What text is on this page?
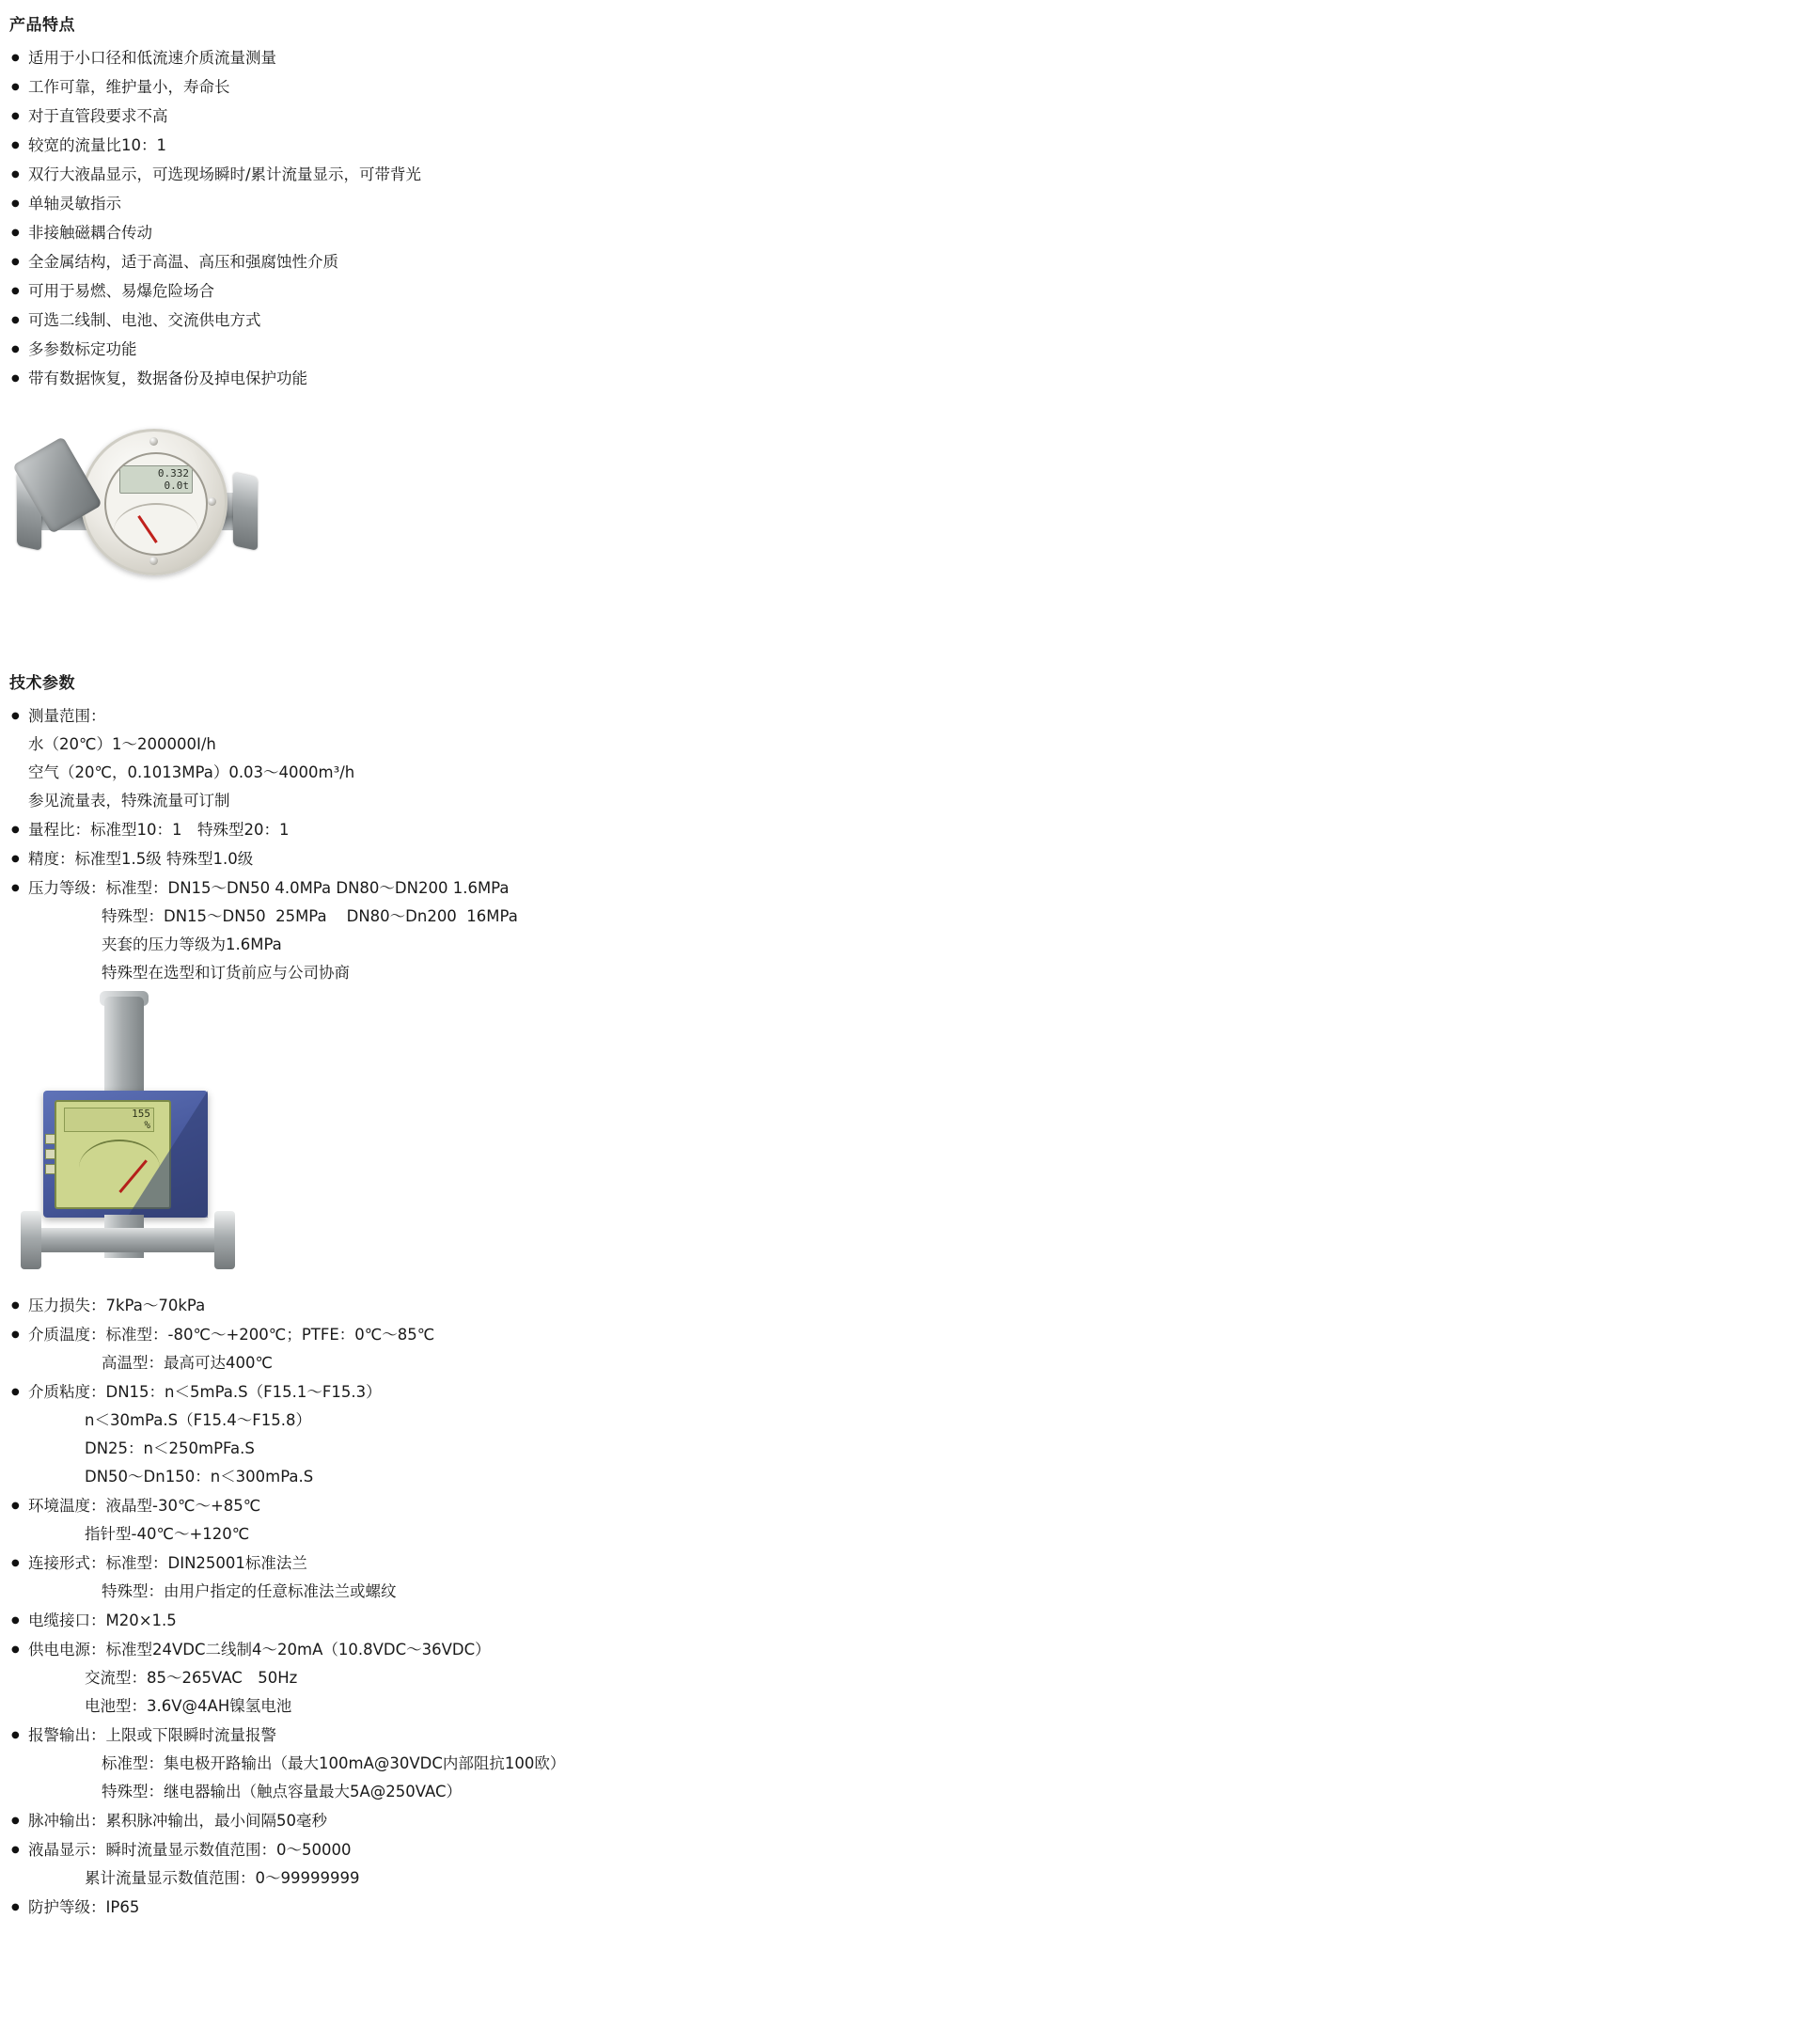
产品特点
● 适用于小口径和低流速介质流量测量
● 工作可靠，维护量小，寿命长
● 对于直管段要求不高
● 较宽的流量比10：1
● 双行大液晶显示，可选现场瞬时/累计流量显示，可带背光
● 单轴灵敏指示
● 非接触磁耦合传动
● 全金属结构，适于高温、高压和强腐蚀性介质
● 可用于易燃、易爆危险场合
● 可选二线制、电池、交流供电方式
● 多参数标定功能
● 带有数据恢复，数据备份及掉电保护功能
0.332
0.0t
技术参数
● 测量范围：
水（20℃）1～200000I/h
空气（20℃，0.1013MPa）0.03～4000m³/h
参见流量表，特殊流量可订制
● 量程比：标准型10：1　特殊型20：1
● 精度：标准型1.5级 特殊型1.0级
● 压力等级：标准型：DN15～DN50 4.0MPa DN80～DN200 1.6MPa
特殊型：DN15～DN50  25MPa    DN80～Dn200  16MPa
夹套的压力等级为1.6MPa
特殊型在选型和订货前应与公司协商
155
%
● 压力损失：7kPa～70kPa
● 介质温度：标准型：-80℃～+200℃；PTFE：0℃～85℃
高温型：最高可达400℃
● 介质粘度：DN15：n＜5mPa.S（F15.1～F15.3）
n＜30mPa.S（F15.4～F15.8）
DN25：n＜250mPFa.S
DN50～Dn150：n＜300mPa.S
● 环境温度：液晶型-30℃～+85℃
指针型-40℃～+120℃
● 连接形式：标准型：DIN25001标准法兰
特殊型：由用户指定的任意标准法兰或螺纹
● 电缆接口：M20×1.5
● 供电电源：标准型24VDC二线制4～20mA（10.8VDC～36VDC）
交流型：85～265VAC　50Hz
电池型：3.6V@4AH镍氢电池
● 报警输出：上限或下限瞬时流量报警
标准型：集电极开路输出（最大100mA@30VDC内部阻抗100欧）
特殊型：继电器输出（触点容量最大5A@250VAC）
● 脉冲输出：累积脉冲输出，最小间隔50毫秒
● 液晶显示：瞬时流量显示数值范围：0～50000
累计流量显示数值范围：0～99999999
● 防护等级：IP65
